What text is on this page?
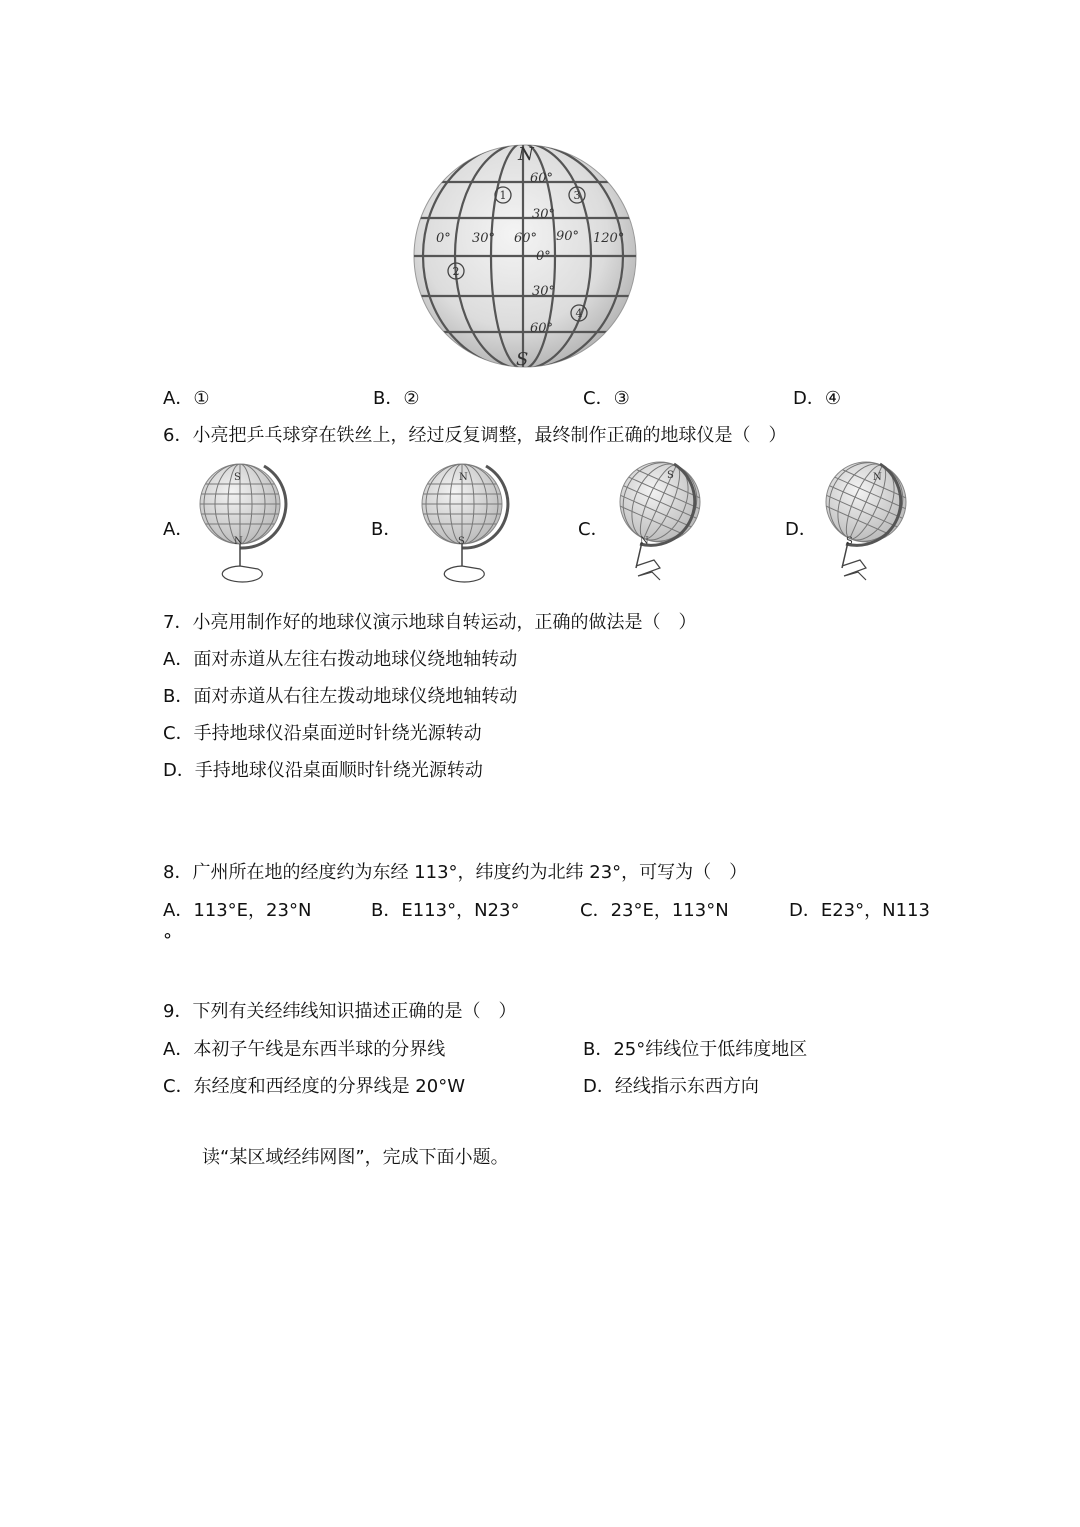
N
S
60°
30°
0°
30°
60°
0° 30° 60° 90° 120°
1
2
3
4
A．①	B．②	C．③	D．④
6．小亮把乒乓球穿在铁丝上，经过反复调整，最终制作正确的地球仪是（　）
A．	B．	C．	D．
S
N
N
S
S
N
N
S
7．小亮用制作好的地球仪演示地球自转运动，正确的做法是（　）
A．面对赤道从左往右拨动地球仪绕地轴转动
B．面对赤道从右往左拨动地球仪绕地轴转动
C．手持地球仪沿桌面逆时针绕光源转动
D．手持地球仪沿桌面顺时针绕光源转动
8．广州所在地的经度约为东经 113°，纬度约为北纬 23°，可写为（　）
A．113°E，23°N	B．E113°，N23°	C．23°E，113°N	D．E23°，N113
°
9．下列有关经纬线知识描述正确的是（　）
A．本初子午线是东西半球的分界线	B．25°纬线位于低纬度地区
C．东经度和西经度的分界线是 20°W	D．经线指示东西方向
读“某区域经纬网图”，完成下面小题。
